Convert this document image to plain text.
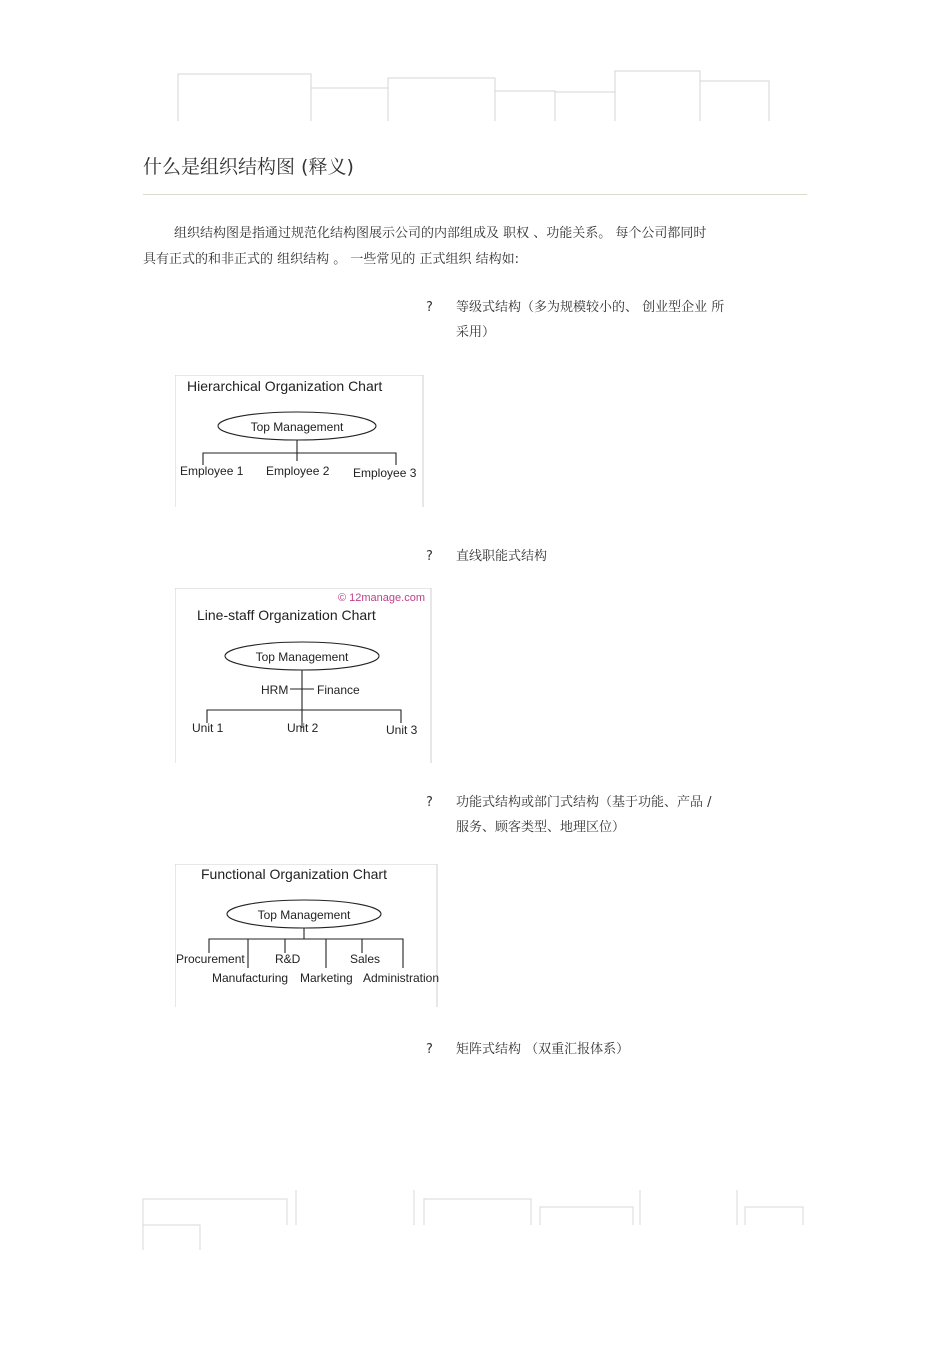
什么是组织结构图 (释义)
组织结构图是指通过规范化结构图展示公司的内部组成及 职权 、功能关系。 每个公司都同时
具有正式的和非正式的 组织结构 。 一些常见的 正式组织 结构如:
? 等级式结构（多为规模较小的、 创业型企业 所
采用）
Hierarchical Organization Chart
Top Management
Employee 1 Employee 2 Employee 3
? 直线职能式结构
© 12manage.com
Line-staff Organization Chart
Top Management
HRM Finance
Unit 1	Unit 2	Unit 3
? 功能式结构或部门式结构（基于功能、产品 /
服务、顾客类型、地理区位）
Functional Organization Chart
Top Management
Procurement	R&D	Sales
Manufacturing Marketing Administration
? 矩阵式结构 （双重汇报体系）
